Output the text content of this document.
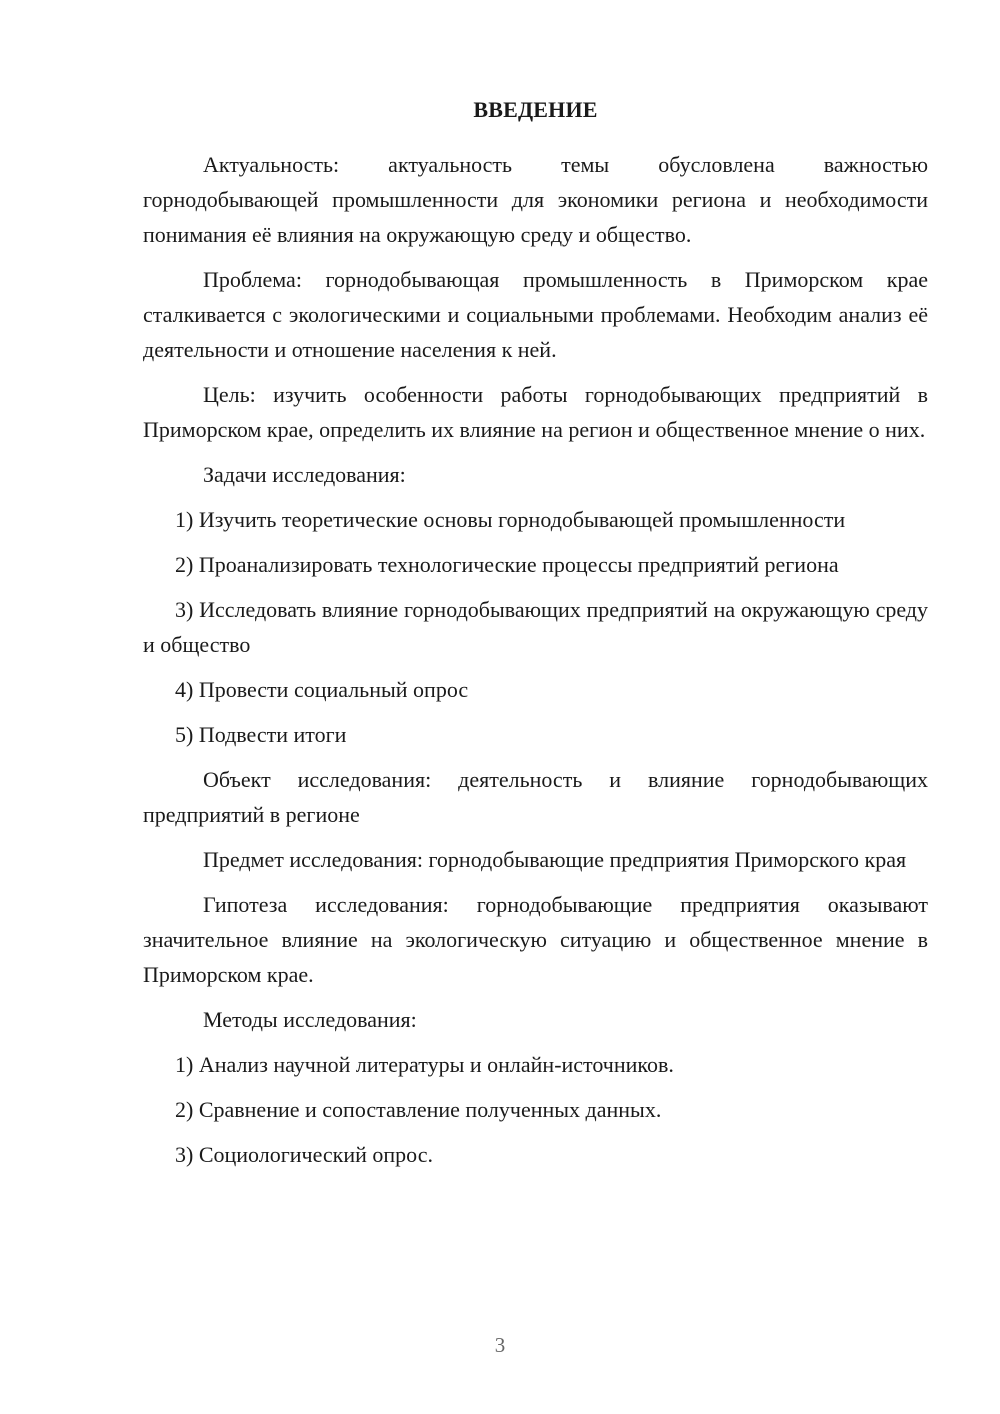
ВВЕДЕНИЕ

Актуальность: актуальность темы обусловлена важностью горнодобывающей промышленности для экономики региона и необходимости понимания её влияния на окружающую среду и общество.

Проблема: горнодобывающая промышленность в Приморском крае сталкивается с экологическими и социальными проблемами. Необходим анализ её деятельности и отношение населения к ней.

Цель: изучить особенности работы горнодобывающих предприятий в Приморском крае, определить их влияние на регион и общественное мнение о них.

Задачи исследования:

1) Изучить теоретические основы горнодобывающей промышленности

2) Проанализировать технологические процессы предприятий региона

3) Исследовать влияние горнодобывающих предприятий на окружающую среду и общество

4) Провести социальный опрос

5) Подвести итоги

Объект исследования: деятельность и влияние горнодобывающих предприятий в регионе

Предмет исследования: горнодобывающие предприятия Приморского края

Гипотеза исследования: горнодобывающие предприятия оказывают значительное влияние на экологическую ситуацию и общественное мнение в Приморском крае.

Методы исследования:

1) Анализ научной литературы и онлайн-источников.

2) Сравнение и сопоставление полученных данных.

3) Социологический опрос.

3
